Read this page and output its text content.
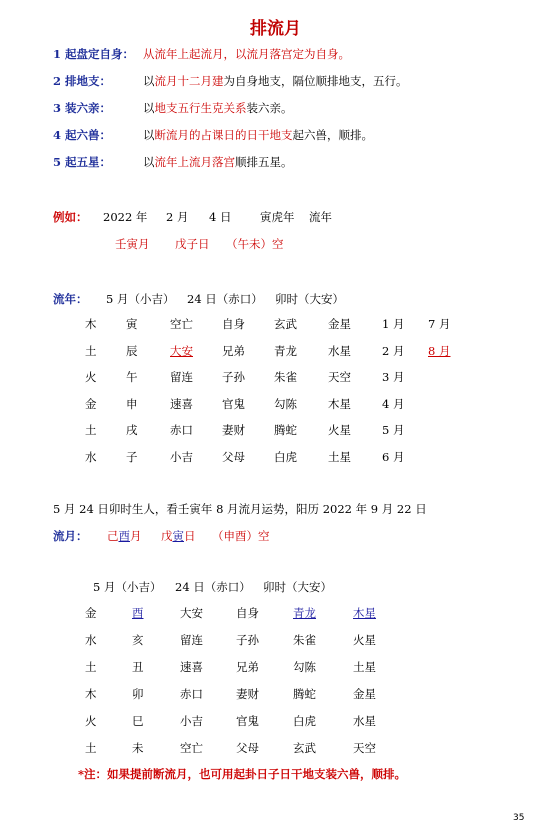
排流月
1 起盘定自身： 从流年上起流月，以流月落宫定为自身。
2 排地支：	以流月十二月建为自身地支，隔位顺排地支，五行。
3 装六亲：	以地支五行生克关系装六亲。
4 起六兽：	以断流月的占课日的日干地支起六兽，顺排。
5 起五星：	以流年上流月落宫顺排五星。
例如： 2022 年 2 月 4 日 寅虎年 流年
壬寅月 戊子日 （午未）空
流年： 5 月（小吉） 24 日（赤口） 卯时（大安）
木	寅	空亡	自身	玄武	金星	1 月 7 月
土	辰	大安	兄弟	青龙	水星	2 月 8 月
火	午	留连	子孙	朱雀	天空	3 月
金	申	速喜	官鬼	勾陈	木星	4 月
土	戌	赤口	妻财	腾蛇	火星	5 月
水	子	小吉	父母	白虎	土星	6 月
5 月 24 日卯时生人，看壬寅年 8 月流月运势，阳历 2022 年 9 月 22 日
流月： 己酉月 戊寅日 （申酉）空
5 月（小吉） 24 日（赤口） 卯时（大安）
金	酉	大安	自身	青龙	木星
水	亥	留连	子孙	朱雀	火星
土	丑	速喜	兄弟	勾陈	土星
木	卯	赤口	妻财	腾蛇	金星
火	巳	小吉	官鬼	白虎	水星
土	未	空亡	父母	玄武	天空
*注：如果提前断流月，也可用起卦日子日干地支装六兽，顺排。
35
